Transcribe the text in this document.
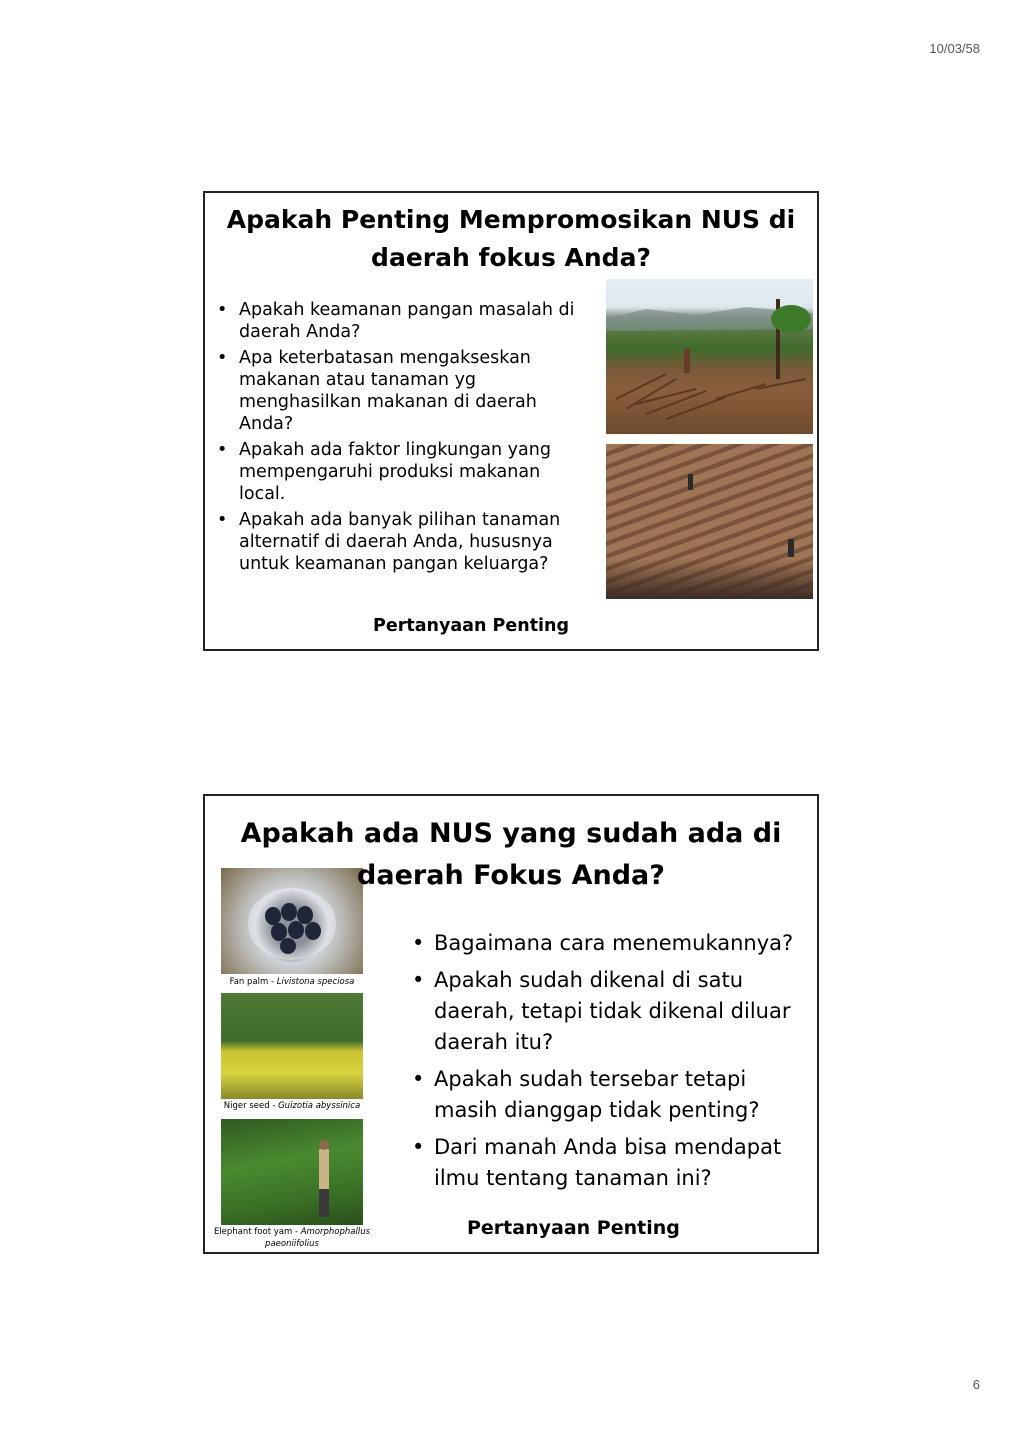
10/03/58
Apakah Penting Mempromosikan NUS di daerah fokus Anda?
• Apakah keamanan pangan masalah di daerah Anda?
• Apa keterbatasan mengakseskan makanan atau tanaman yg menghasilkan makanan di daerah Anda?
• Apakah ada faktor lingkungan yang mempengaruhi produksi makanan local.
• Apakah ada banyak pilihan tanaman alternatif di daerah Anda, hususnya untuk keamanan pangan keluarga?
Pertanyaan Penting
Fan palm - Livistona speciosa
Niger seed - Guizotia abyssinica
Elephant foot yam - Amorphophallus paeoniifolius
Apakah ada NUS yang sudah ada di daerah Fokus Anda?
• Bagaimana cara menemukannya?
• Apakah sudah dikenal di satu daerah, tetapi tidak dikenal diluar daerah itu?
• Apakah sudah tersebar tetapi masih dianggap tidak penting?
• Dari manah Anda bisa mendapat ilmu tentang tanaman ini?
Pertanyaan Penting
6
